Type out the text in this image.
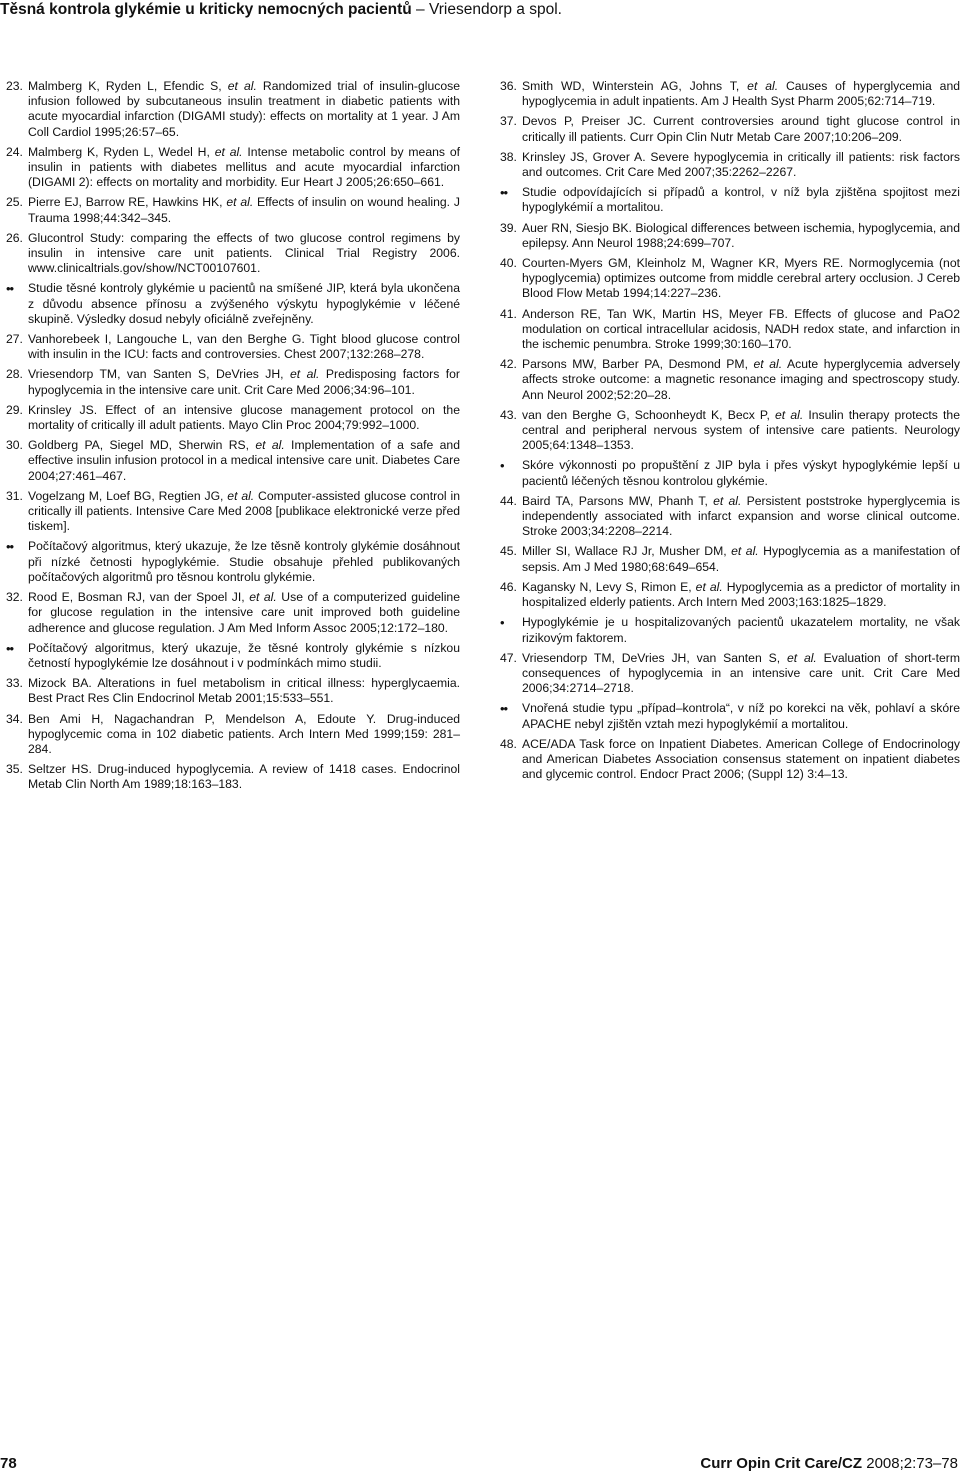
Těsná kontrola glykémie u kriticky nemocných pacientů – Vriesendorp a spol.
23. Malmberg K, Ryden L, Efendic S, et al. Randomized trial of insulin-glucose infusion followed by subcutaneous insulin treatment in diabetic patients with acute myocardial infarction (DIGAMI study): effects on mortality at 1 year. J Am Coll Cardiol 1995;26:57–65.
24. Malmberg K, Ryden L, Wedel H, et al. Intense metabolic control by means of insulin in patients with diabetes mellitus and acute myocardial infarction (DIGAMI 2): effects on mortality and morbidity. Eur Heart J 2005;26:650–661.
25. Pierre EJ, Barrow RE, Hawkins HK, et al. Effects of insulin on wound healing. J Trauma 1998;44:342–345.
26. Glucontrol Study: comparing the effects of two glucose control regimens by insulin in intensive care unit patients. Clinical Trial Registry 2006. www.clinicaltrials.gov/show/NCT00107601.
•• Studie těsné kontroly glykémie u pacientů na smíšené JIP, která byla ukončena z důvodu absence přínosu a zvýšeného výskytu hypoglykémie v léčené skupině. Výsledky dosud nebyly oficiálně zveřejněny.
27. Vanhorebeek I, Langouche L, van den Berghe G. Tight blood glucose control with insulin in the ICU: facts and controversies. Chest 2007;132:268–278.
28. Vriesendorp TM, van Santen S, DeVries JH, et al. Predisposing factors for hypoglycemia in the intensive care unit. Crit Care Med 2006;34:96–101.
29. Krinsley JS. Effect of an intensive glucose management protocol on the mortality of critically ill adult patients. Mayo Clin Proc 2004;79:992–1000.
30. Goldberg PA, Siegel MD, Sherwin RS, et al. Implementation of a safe and effective insulin infusion protocol in a medical intensive care unit. Diabetes Care 2004;27:461–467.
31. Vogelzang M, Loef BG, Regtien JG, et al. Computer-assisted glucose control in critically ill patients. Intensive Care Med 2008 [publikace elektronické verze před tiskem].
•• Počítačový algoritmus, který ukazuje, že lze těsně kontroly glykémie dosáhnout při nízké četnosti hypoglykémie. Studie obsahuje přehled publikovaných počítačových algoritmů pro těsnou kontrolu glykémie.
32. Rood E, Bosman RJ, van der Spoel JI, et al. Use of a computerized guideline for glucose regulation in the intensive care unit improved both guideline adherence and glucose regulation. J Am Med Inform Assoc 2005;12:172–180.
•• Počítačový algoritmus, který ukazuje, že těsné kontroly glykémie s nízkou četností hypoglykémie lze dosáhnout i v podmínkách mimo studii.
33. Mizock BA. Alterations in fuel metabolism in critical illness: hyperglycaemia. Best Pract Res Clin Endocrinol Metab 2001;15:533–551.
34. Ben Ami H, Nagachandran P, Mendelson A, Edoute Y. Drug-induced hypoglycemic coma in 102 diabetic patients. Arch Intern Med 1999;159: 281–284.
35. Seltzer HS. Drug-induced hypoglycemia. A review of 1418 cases. Endocrinol Metab Clin North Am 1989;18:163–183.
36. Smith WD, Winterstein AG, Johns T, et al. Causes of hyperglycemia and hypoglycemia in adult inpatients. Am J Health Syst Pharm 2005;62:714–719.
37. Devos P, Preiser JC. Current controversies around tight glucose control in critically ill patients. Curr Opin Clin Nutr Metab Care 2007;10:206–209.
38. Krinsley JS, Grover A. Severe hypoglycemia in critically ill patients: risk factors and outcomes. Crit Care Med 2007;35:2262–2267.
•• Studie odpovídajících si případů a kontrol, v níž byla zjištěna spojitost mezi hypoglykémií a mortalitou.
39. Auer RN, Siesjo BK. Biological differences between ischemia, hypoglycemia, and epilepsy. Ann Neurol 1988;24:699–707.
40. Courten-Myers GM, Kleinholz M, Wagner KR, Myers RE. Normoglycemia (not hypoglycemia) optimizes outcome from middle cerebral artery occlusion. J Cereb Blood Flow Metab 1994;14:227–236.
41. Anderson RE, Tan WK, Martin HS, Meyer FB. Effects of glucose and PaO2 modulation on cortical intracellular acidosis, NADH redox state, and infarction in the ischemic penumbra. Stroke 1999;30:160–170.
42. Parsons MW, Barber PA, Desmond PM, et al. Acute hyperglycemia adversely affects stroke outcome: a magnetic resonance imaging and spectroscopy study. Ann Neurol 2002;52:20–28.
43. van den Berghe G, Schoonheydt K, Becx P, et al. Insulin therapy protects the central and peripheral nervous system of intensive care patients. Neurology 2005;64:1348–1353.
• Skóre výkonnosti po propuštění z JIP byla i přes výskyt hypoglykémie lepší u pacientů léčených těsnou kontrolou glykémie.
44. Baird TA, Parsons MW, Phanh T, et al. Persistent poststroke hyperglycemia is independently associated with infarct expansion and worse clinical outcome. Stroke 2003;34:2208–2214.
45. Miller SI, Wallace RJ Jr, Musher DM, et al. Hypoglycemia as a manifestation of sepsis. Am J Med 1980;68:649–654.
46. Kagansky N, Levy S, Rimon E, et al. Hypoglycemia as a predictor of mortality in hospitalized elderly patients. Arch Intern Med 2003;163:1825–1829.
• Hypoglykémie je u hospitalizovaných pacientů ukazatelem mortality, ne však rizikovým faktorem.
47. Vriesendorp TM, DeVries JH, van Santen S, et al. Evaluation of short-term consequences of hypoglycemia in an intensive care unit. Crit Care Med 2006;34:2714–2718.
•• Vnořená studie typu „případ–kontrola“, v níž po korekci na věk, pohlaví a skóre APACHE nebyl zjištěn vztah mezi hypoglykémií a mortalitou.
48. ACE/ADA Task force on Inpatient Diabetes. American College of Endocrinology and American Diabetes Association consensus statement on inpatient diabetes and glycemic control. Endocr Pract 2006; (Suppl 12) 3:4–13.
78	Curr Opin Crit Care/CZ 2008;2:73–78
